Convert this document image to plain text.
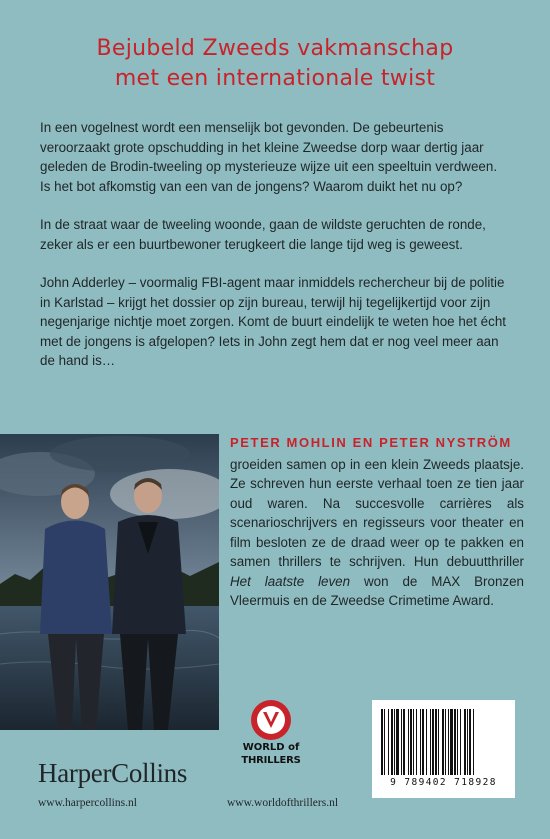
Bejubeld Zweeds vakmanschap
met een internationale twist

In een vogelnest wordt een menselijk bot gevonden. De gebeurtenis veroorzaakt grote opschudding in het kleine Zweedse dorp waar dertig jaar geleden de Brodin-tweeling op mysterieuze wijze uit een speeltuin verdween. Is het bot afkomstig van een van de jongens? Waarom duikt het nu op?

In de straat waar de tweeling woonde, gaan de wildste geruchten de ronde, zeker als er een buurtbewoner terugkeert die lange tijd weg is geweest.

John Adderley – voormalig FBI-agent maar inmiddels rechercheur bij de politie in Karlstad – krijgt het dossier op zijn bureau, terwijl hij tegelijkertijd voor zijn negenjarige nichtje moet zorgen. Komt de buurt eindelijk te weten hoe het écht met de jongens is afgelopen? Iets in John zegt hem dat er nog veel meer aan de hand is…

PETER MOHLIN EN PETER NYSTRÖM
groeiden samen op in een klein Zweeds plaatsje. Ze schreven hun eerste verhaal toen ze tien jaar oud waren. Na succesvolle carrières als scenarioschrijvers en regisseurs voor theater en film besloten ze de draad weer op te pakken en samen thrillers te schrijven. Hun debuutthriller Het laatste leven won de MAX Bronzen Vleermuis en de Zweedse Crimetime Award.
WORLD of
THRILLERS
HarperCollins
www.harpercollins.nl	www.worldofthrillers.nl
9 789402 718928
